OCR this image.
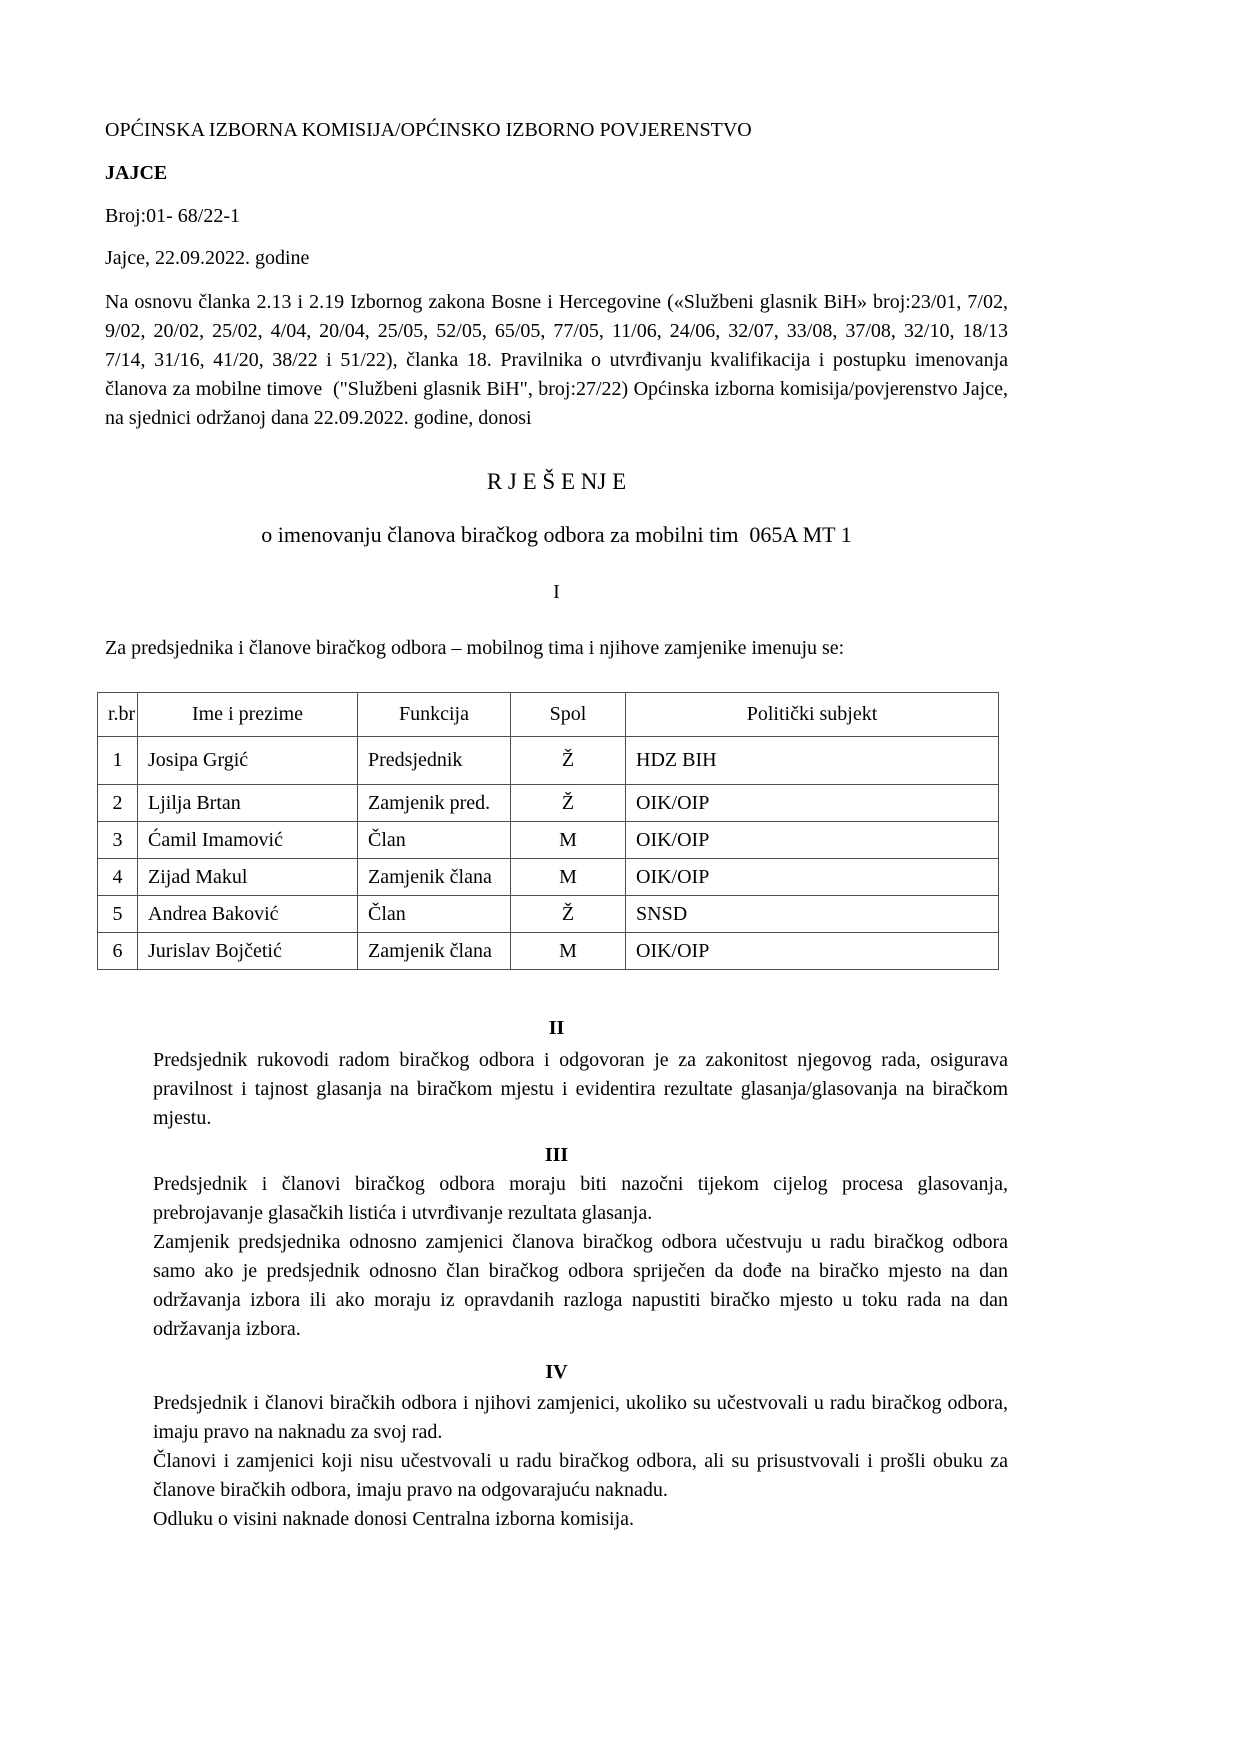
OPĆINSKA IZBORNA KOMISIJA/OPĆINSKO IZBORNO POVJERENSTVO

JAJCE

Broj:01- 68/22-1

Jajce, 22.09.2022. godine

Na osnovu članka 2.13 i 2.19 Izbornog zakona Bosne i Hercegovine («Službeni glasnik BiH» broj:23/01, 7/02, 9/02, 20/02, 25/02, 4/04, 20/04, 25/05, 52/05, 65/05, 77/05, 11/06, 24/06, 32/07, 33/08, 37/08, 32/10, 18/13 7/14, 31/16, 41/20, 38/22 i 51/22), članka 18. Pravilnika o utvrđivanju kvalifikacija i postupku imenovanja članova za mobilne timove  ("Službeni glasnik BiH", broj:27/22) Općinska izborna komisija/povjerenstvo Jajce, na sjednici održanoj dana 22.09.2022. godine, donosi

R J E Š E NJ E

o imenovanju članova biračkog odbora za mobilni tim  065A MT 1

I

Za predsjednika i članove biračkog odbora – mobilnog tima i njihove zamjenike imenuju se:

r.br	Ime i prezime	Funkcija	Spol	Politički subjekt
1	Josipa Grgić	Predsjednik	Ž	HDZ BIH
2	Ljilja Brtan	Zamjenik pred.	Ž	OIK/OIP
3	Ćamil Imamović	Član	M	OIK/OIP
4	Zijad Makul	Zamjenik člana	M	OIK/OIP
5	Andrea Baković	Član	Ž	SNSD
6	Jurislav Bojčetić	Zamjenik člana	M	OIK/OIP

II

Predsjednik rukovodi radom biračkog odbora i odgovoran je za zakonitost njegovog rada, osigurava pravilnost i tajnost glasanja na biračkom mjestu i evidentira rezultate glasanja/glasovanja na biračkom mjestu.

III

Predsjednik i članovi biračkog odbora moraju biti nazočni tijekom cijelog procesa glasovanja, prebrojavanje glasačkih listića i utvrđivanje rezultata glasanja.

Zamjenik predsjednika odnosno zamjenici članova biračkog odbora učestvuju u radu biračkog odbora samo ako je predsjednik odnosno član biračkog odbora spriječen da dođe na biračko mjesto na dan održavanja izbora ili ako moraju iz opravdanih razloga napustiti biračko mjesto u toku rada na dan održavanja izbora.

IV

Predsjednik i članovi biračkih odbora i njihovi zamjenici, ukoliko su učestvovali u radu biračkog odbora, imaju pravo na naknadu za svoj rad.

Članovi i zamjenici koji nisu učestvovali u radu biračkog odbora, ali su prisustvovali i prošli obuku za članove biračkih odbora, imaju pravo na odgovarajuću naknadu.

Odluku o visini naknade donosi Centralna izborna komisija.
